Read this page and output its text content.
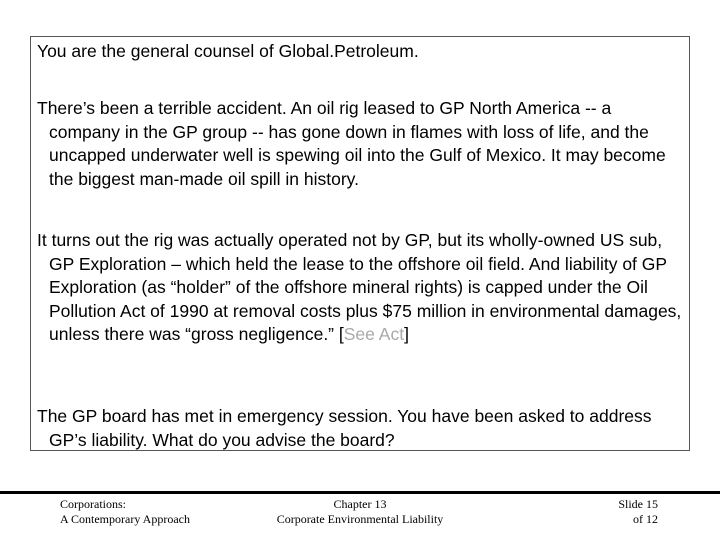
You are the general counsel of Global.Petroleum.

There’s been a terrible accident. An oil rig leased to GP North America -- a company in the GP group -- has gone down in flames with loss of life, and the uncapped underwater well is spewing oil into the Gulf of Mexico. It may become the biggest man-made oil spill in history.

It turns out the rig was actually operated not by GP, but its wholly-owned US sub, GP Exploration – which held the lease to the offshore oil field. And liability of GP Exploration (as “holder” of the offshore mineral rights) is capped under the Oil Pollution Act of 1990 at removal costs plus $75 million in environmental damages, unless there was “gross negligence.” [See Act]

The GP board has met in emergency session. You have been asked to address GP’s liability. What do you advise the board?

Corporations:
A Contemporary Approach
Chapter 13
Corporate Environmental Liability
Slide 15
of 12
